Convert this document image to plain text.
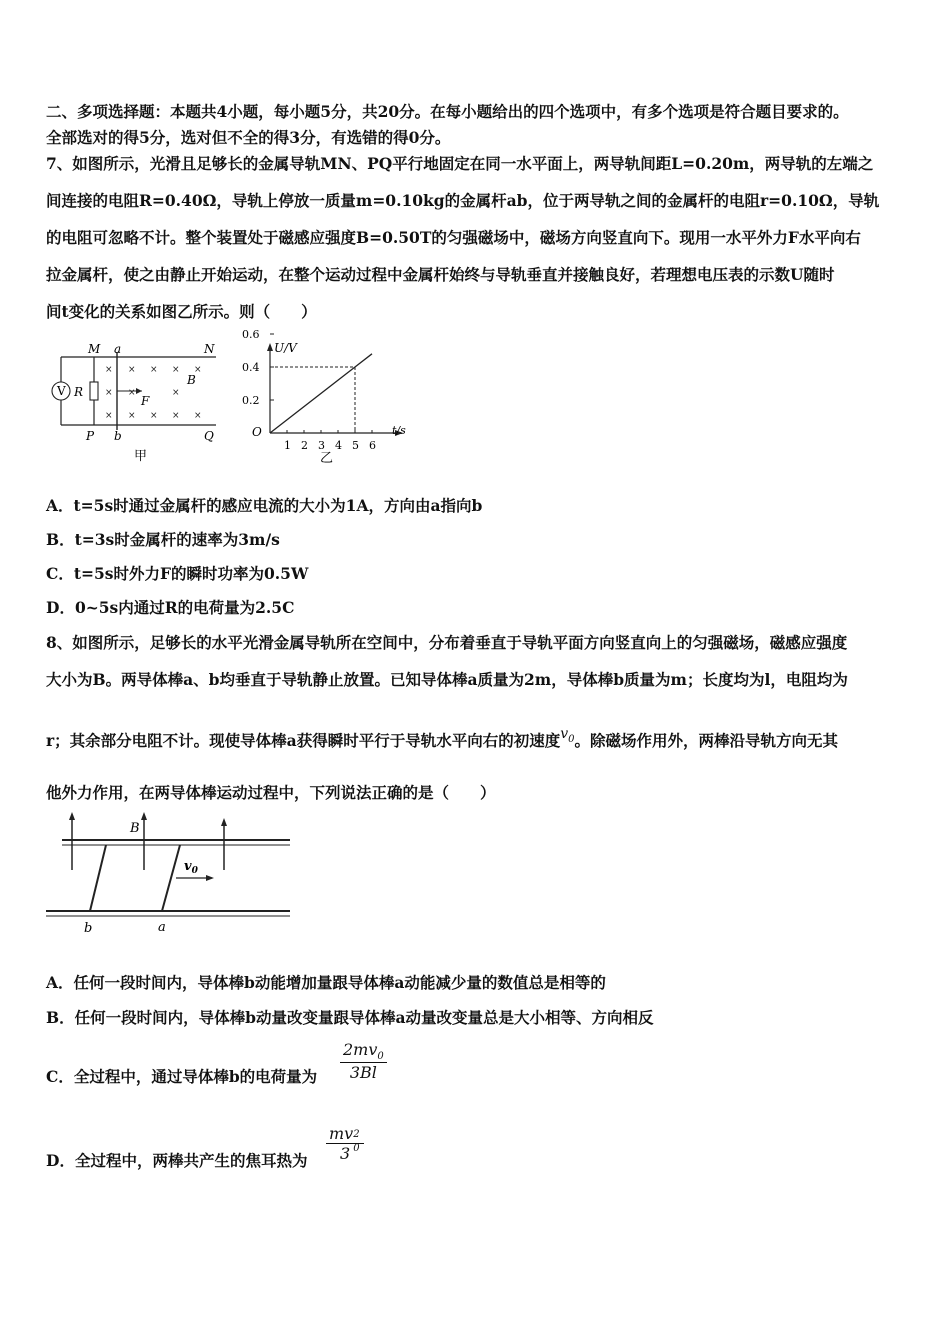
二、多项选择题：本题共4小题，每小题5分，共20分。在每小题给出的四个选项中，有多个选项是符合题目要求的。
全部选对的得5分，选对但不全的得3分，有选错的得0分。
7、如图所示，光滑且足够长的金属导轨MN、PQ平行地固定在同一水平面上，两导轨间距L=0.20m，两导轨的左端之
间连接的电阻R=0.40Ω，导轨上停放一质量m=0.10kg的金属杆ab，位于两导轨之间的金属杆的电阻r=0.10Ω，导轨
的电阻可忽略不计。整个装置处于磁感应强度B=0.50T的匀强磁场中，磁场方向竖直向下。现用一水平外力F水平向右
拉金属杆，使之由静止开始运动，在整个运动过程中金属杆始终与导轨垂直并接触良好，若理想电压表的示数U随时
间t变化的关系如图乙所示。则（　　）
V R
M a	N
P b	Q
B
F
× × × × ×
× ×	×
× × × × ×
甲
U/V
t/s
O
0.6
0.4
0.2
1 2 3 4 5 6
乙
A．t=5s时通过金属杆的感应电流的大小为1A，方向由a指向b
B．t=3s时金属杆的速率为3m/s
C．t=5s时外力F的瞬时功率为0.5W
D．0~5s内通过R的电荷量为2.5C
8、如图所示，足够长的水平光滑金属导轨所在空间中，分布着垂直于导轨平面方向竖直向上的匀强磁场，磁感应强度
大小为B。两导体棒a、b均垂直于导轨静止放置。已知导体棒a质量为2m，导体棒b质量为m；长度均为l，电阻均为
r；其余部分电阻不计。现使导体棒a获得瞬时平行于导轨水平向右的初速度$v_0$。除磁场作用外，两棒沿导轨方向无其
他外力作用，在两导体棒运动过程中，下列说法正确的是（　　）
B
$v_0$
b	a
A．任何一段时间内，导体棒b动能增加量跟导体棒a动能减少量的数值总是相等的
B．任何一段时间内，导体棒b动量改变量跟导体棒a动量改变量总是大小相等、方向相反
C．全过程中，通过导体棒b的电荷量为 $\frac{2mv_0}{3Bl}$
D．全过程中，两棒共产生的焦耳热为 mv 2
0
3
